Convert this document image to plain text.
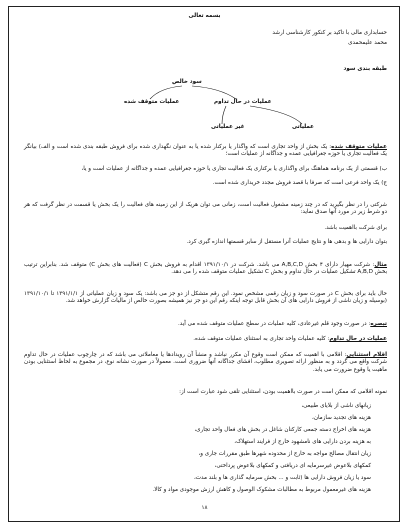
بسمه تعالی
حسابداری مالی با تاکید بر کنکور کارشناسی ارشد
محمد علیمحمدی
طبقه بندی سود
سود خالص
عملیات متوقف شده	عملیات در حال تداوم
غیر عملیاتی	عملیاتی
عملیات متوقف شده: یک بخش از واحد تجاری است که واگذار یا برکنار شده یا به عنوان نگهداری شده برای فروش طبقه بندی شده است و الف) بیانگر یک فعالیت تجاری یا حوزه جغرافیایی عمده و جداگانه از عملیات است؛
ب) قسمتی از یک برنامه هماهنگ برای واگذاری یا برکناری یک فعالیت تجاری یا حوزه جغرافیایی عمده و جداگانه از عملیات است و یا،
ج) یک واحد فرعی است که صرفا با قصد فروش مجدد خریداری شده است.
شرکتی را در نظر بگیرید که در چند زمینه مشغول فعالیت است، زمانی می توان هریک از این زمینه های فعالیت را یک بخش یا قسمت در نظر گرفت که هر دو شرط زیر در مورد آنها صدق نماید:
برای شرکت بااهمیت باشد.
بتوان دارایی ها و بدهی ها و نتایج عملیات آنرا مستقل از سایر قسمتها اندازه گیری کرد.
مثال: شرکت مهیار دارای ۴ بخش A,B,C,D می باشد. شرکت در ۱۳۹۱/۱۰/۱ اقدام به فروش بخش C (فعالیت های بخش C) متوقف شد. بنابراین ترتیب بخش A,B,D تشکیل عملیات در حال تداوم و بخش C تشکیل عملیات متوقف شده را می دهد.
حال باید برای بخش C در صورت سود و زیان رقمی مشخص نمود. این رقم متشکل از دو جز می باشد: یک سود و زیان عملیاتی از ۱۳۹۱/۱/۱ تا ۱۳۹۱/۱۰/۱ (بوسیله و زیان ناشی از فروش دارایی های آن بخش قابل توجه اینکه رقم این دو جز نیز همیشه بصورت خالص از مالیات گزارش خواهد شد.
تبصره: در صورت وجود قلم غیرعادی، کلیه عملیات در سطح عملیات متوقف شده می آید.
عملیات در حال تداوم: کلیه عملیات واحد تجاری به استثنای عملیات متوقف شده.
اقلام استثنایی: اقلامی با اهمیت که ممکن است وقوع آن مکرر نباشد و منشأ آن رویدادها یا معاملاتی می باشد که در چارچوب عملیات در حال تداوم شرکت واقع می گردد و به منظور ارائه تصویری مطلوب، افشای جداگانه آنها ضروری است. معمولاً در صورت نشانه نوع، در مجموع به لحاظ استثنایی بودن ماهیت یا وقوع ضرورت می یابد.
نمونه اقلامی که ممکن است در صورت بااهمیت بودن، استثنایی تلقی شود عبارت است از:
زیانهای ناشی از بلایای طبیعی،
هزینه های تجدید سازمان،
هزینه های اخراج دسته جمعی کارکنان شاغل در بخش های فعال واحد تجاری،
به هزینه بردن دارایی های نامشهود خارج از فرایند استهلاک،
زیان انتقال مصالح مواجه به خارج از محدوده شهرها طبق مقررات جاری و،
کمکهای بلاعوض غیرسرمایه ای دریافتی و کمکهای بلاعوض پرداختی،
سود یا زیان فروش دارایی ها (ثابت و ... بخش سرمایه گذاری ها و بلند مدت،
هزینه های غیرمعمول مربوط به مطالبات مشکوک الوصول و کاهش ارزش موجودی مواد و کالا.
۱۸
